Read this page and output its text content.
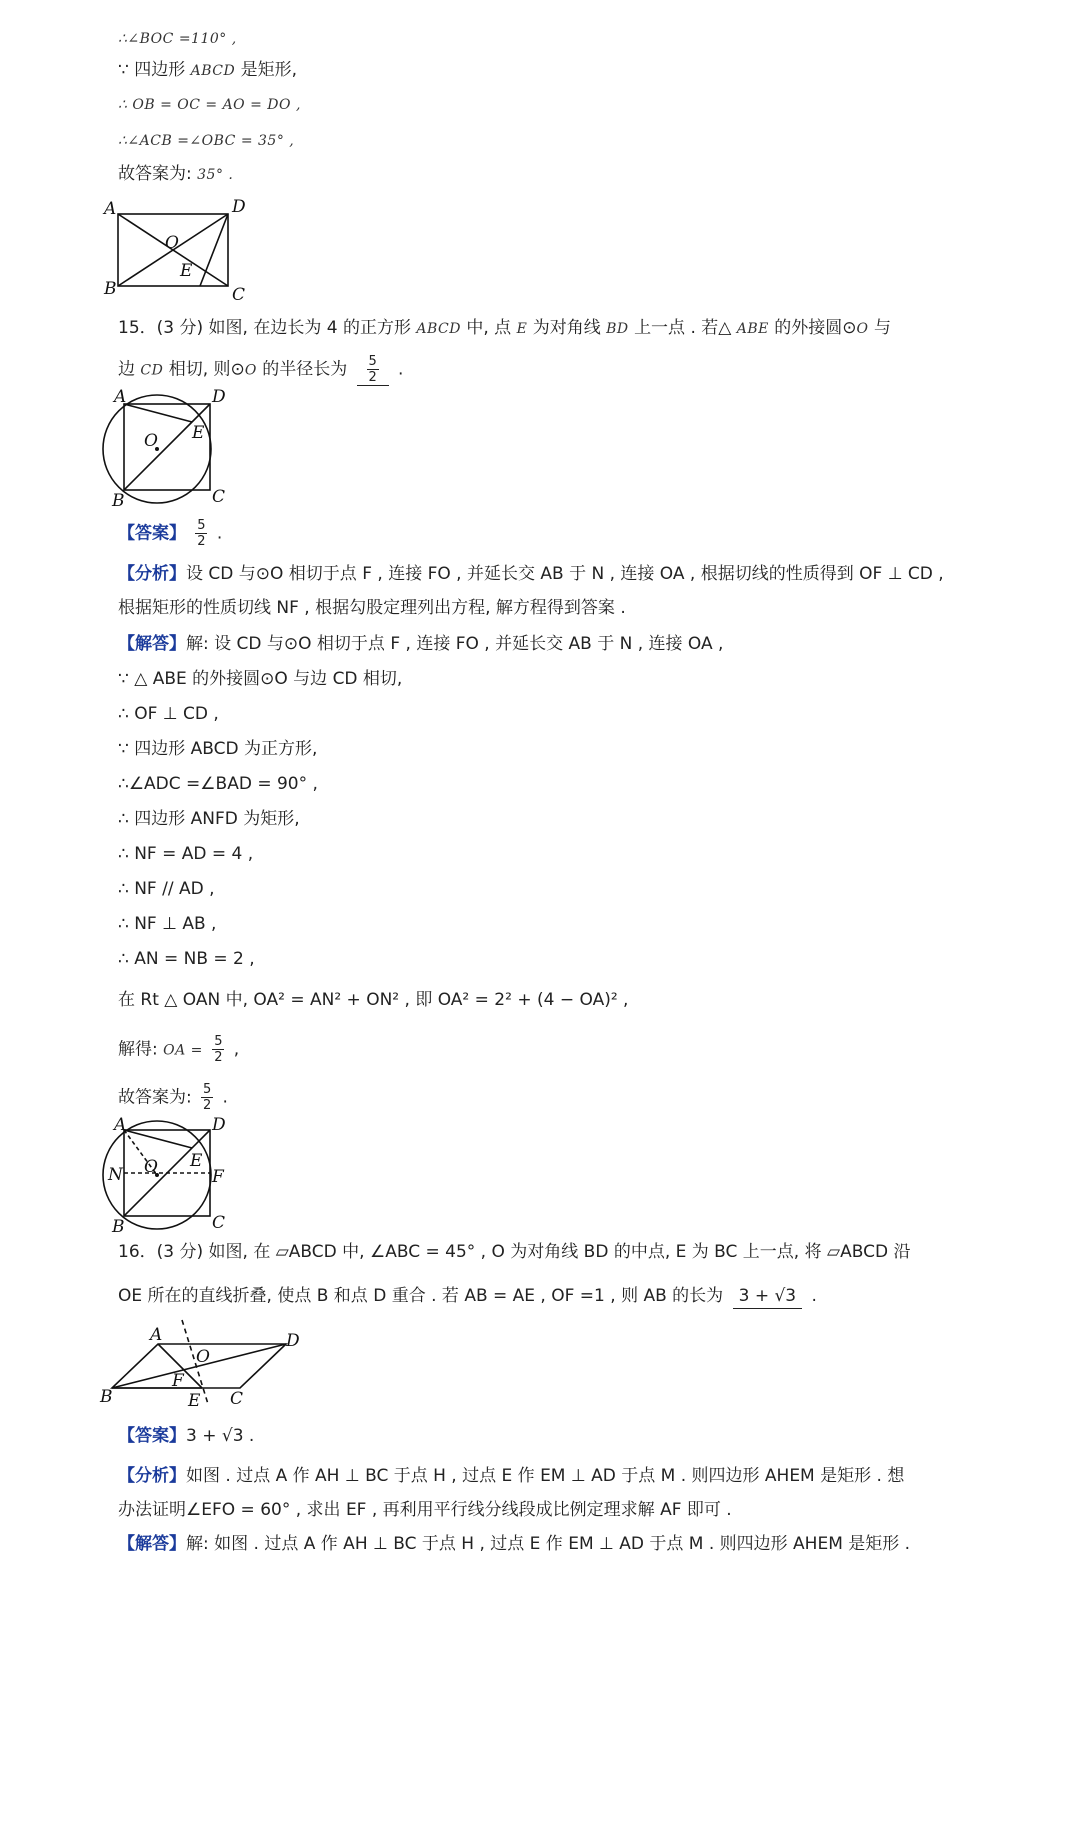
∴∠BOC =110° ,
∵ 四边形 ABCD 是矩形,
∴ OB = OC = AO = DO ,
∴∠ACB =∠OBC = 35° ,
故答案为: 35° .
A	D
B	C
O
E
15．(3 分) 如图, 在边长为 4 的正方形 ABCD 中, 点 E 为对角线 BD 上一点 . 若△ ABE 的外接圆⊙O 与
边 CD 相切, 则⊙O 的半径长为 $\frac{5}{2}$ .
A	D
B	C
O E
【答案】 $\frac{5}{2}$ .
【分析】设 CD 与⊙O 相切于点 F , 连接 FO , 并延长交 AB 于 N , 连接 OA , 根据切线的性质得到 OF ⊥ CD ,
根据矩形的性质切线 NF , 根据勾股定理列出方程, 解方程得到答案 .
【解答】解: 设 CD 与⊙O 相切于点 F , 连接 FO , 并延长交 AB 于 N , 连接 OA ,
∵ △ ABE 的外接圆⊙O 与边 CD 相切,
∴ OF ⊥ CD ,
∵ 四边形 ABCD 为正方形,
∴∠ADC =∠BAD = 90° ,
∴ 四边形 ANFD 为矩形,
∴ NF = AD = 4 ,
∴ NF // AD ,
∴ NF ⊥ AB ,
∴ AN = NB = 2 ,
在 Rt △ OAN 中, OA² = AN² + ON² , 即 OA² = 2² + (4 − OA)² ,
解得: OA = $\frac{5}{2}$ ,
故答案为: $\frac{5}{2}$ .
A	D
B	C
O E
N	F
16．(3 分) 如图, 在 ▱ABCD 中, ∠ABC = 45° , O 为对角线 BD 的中点, E 为 BC 上一点, 将 ▱ABCD 沿
OE 所在的直线折叠, 使点 B 和点 D 重合 . 若 AB = AE , OF =1 , 则 AB 的长为 3 + √3 .
A	D
B	C
O
E
F
【答案】3 + √3 .
【分析】如图 . 过点 A 作 AH ⊥ BC 于点 H , 过点 E 作 EM ⊥ AD 于点 M . 则四边形 AHEM 是矩形 . 想
办法证明∠EFO = 60° , 求出 EF , 再利用平行线分线段成比例定理求解 AF 即可 .
【解答】解: 如图 . 过点 A 作 AH ⊥ BC 于点 H , 过点 E 作 EM ⊥ AD 于点 M . 则四边形 AHEM 是矩形 .
